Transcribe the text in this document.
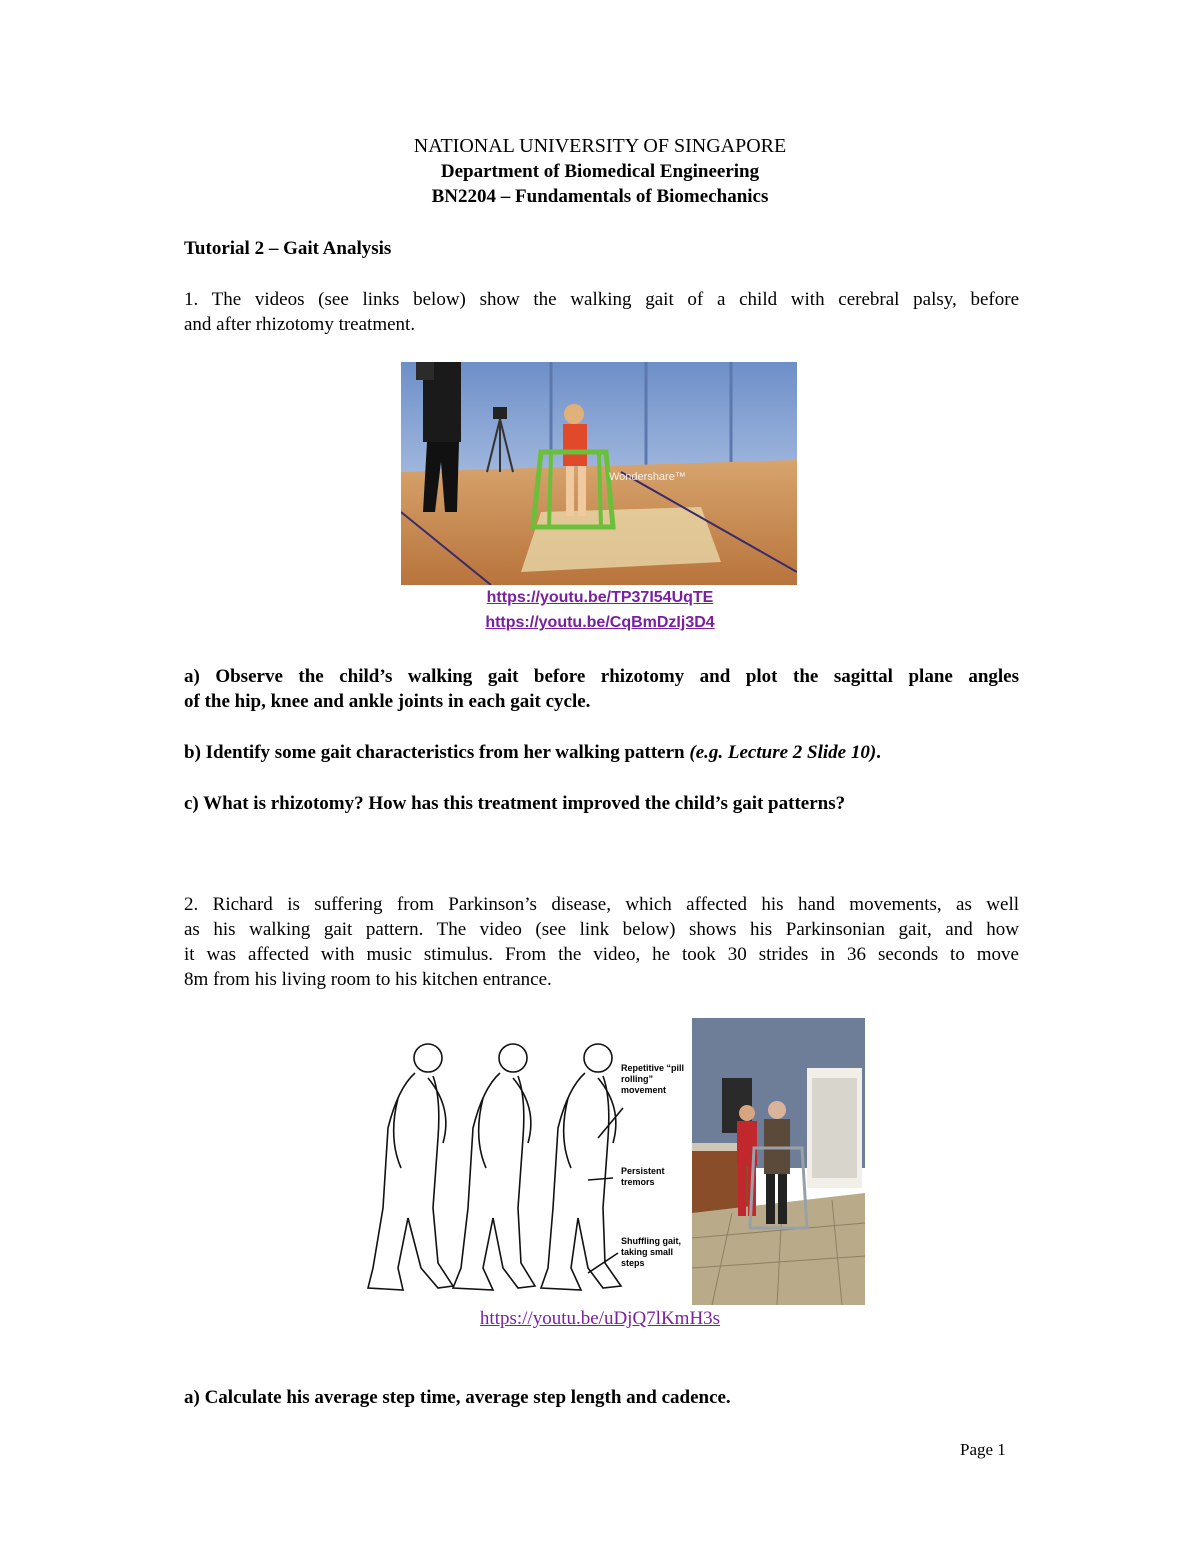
NATIONAL UNIVERSITY OF SINGAPORE
Department of Biomedical Engineering
BN2204 – Fundamentals of Biomechanics
Tutorial 2 – Gait Analysis
1. The videos (see links below) show the walking gait of a child with cerebral palsy, before
and after rhizotomy treatment.
Wondershare™
https://youtu.be/TP37I54UqTE
https://youtu.be/CqBmDzIj3D4
a) Observe the child’s walking gait before rhizotomy and plot the sagittal plane angles
of the hip, knee and ankle joints in each gait cycle.
b) Identify some gait characteristics from her walking pattern (e.g. Lecture 2 Slide 10).
c) What is rhizotomy? How has this treatment improved the child’s gait patterns?
2. Richard is suffering from Parkinson’s disease, which affected his hand movements, as well
as his walking gait pattern. The video (see link below) shows his Parkinsonian gait, and how
it was affected with music stimulus. From the video, he took 30 strides in 36 seconds to move
8m from his living room to his kitchen entrance.
Repetitive “pill rolling” movement
Persistent tremors
Shuffling gait, taking small steps
https://youtu.be/uDjQ7lKmH3s
a) Calculate his average step time, average step length and cadence.
Page 1
